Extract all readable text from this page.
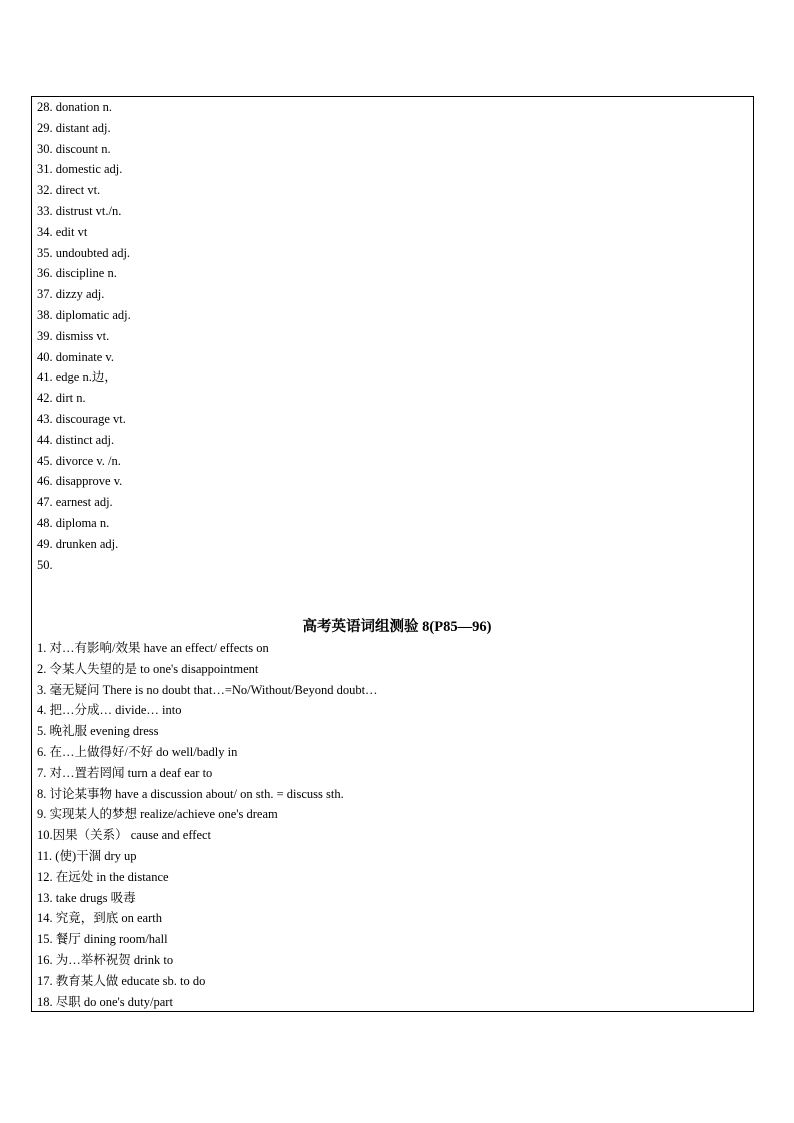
28. donation n.
29. distant adj.
30. discount n.
31. domestic adj.
32. direct vt.
33. distrust vt./n.
34. edit vt
35. undoubted adj.
36. discipline n.
37. dizzy adj.
38. diplomatic adj.
39. dismiss vt.
40. dominate v.
41. edge n.边，
42. dirt n.
43. discourage vt.
44. distinct adj.
45. divorce v. /n.
46. disapprove v.
47. earnest adj.
48. diploma n.
49. drunken adj.
50.
高考英语词组测验 8(P85—96)
1. 对…有影响/效果 have an effect/ effects on
2. 令某人失望的是 to one's disappointment
3. 毫无疑问 There is no doubt that…=No/Without/Beyond doubt…
4. 把…分成… divide… into
5. 晚礼服 evening dress
6. 在…上做得好/不好 do well/badly in
7. 对…置若罔闻 turn a deaf ear to
8. 讨论某事物 have a discussion about/ on sth. = discuss sth.
9. 实现某人的梦想 realize/achieve one's dream
10.因果（关系） cause and effect
11. (使)干涸 dry up
12. 在远处 in the distance
13. take drugs 吸毒
14. 究竟，到底 on earth
15. 餐厅 dining room/hall
16. 为…举杯祝贺 drink to
17. 教育某人做 educate sb. to do
18. 尽职 do one's duty/part
